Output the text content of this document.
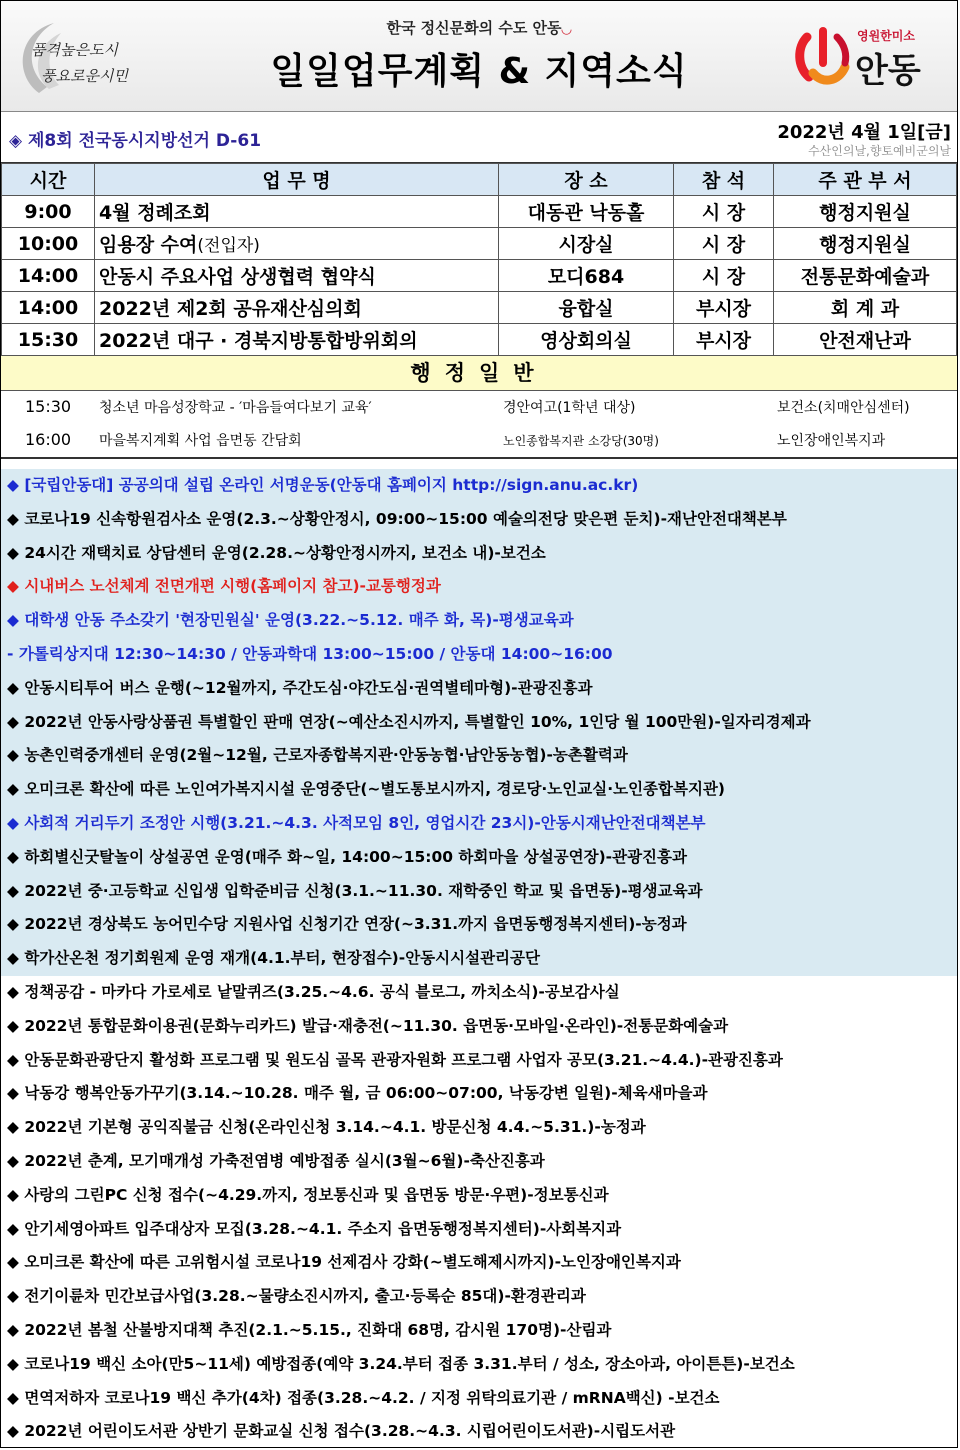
품격높은도시
풍요로운시민
한국 정신문화의 수도 안동◡
일일업무계획 & 지역소식
영원한미소
안동
◈ 제8회 전국동시지방선거 D-61	2022년 4월 1일[금]
수산인의날,향토예비군의날
시간	업 무 명	장 소	참 석	주 관 부 서
9:00	4월 정례조회	대동관 낙동홀	시 장	행정지원실
10:00	임용장 수여(전입자)	시장실	시 장	행정지원실
14:00	안동시 주요사업 상생협력 협약식	모디684	시 장	전통문화예술과
14:00	2022년 제2회 공유재산심의회	융합실	부시장	회 계 과
15:30	2022년 대구 · 경북지방통합방위회의	영상회의실	부시장	안전재난과
행정일반
15:30 청소년 마음성장학교 - ′마음들여다보기 교육′	경안여고(1학년 대상)	보건소(치매안심센터)
16:00 마을복지계획 사업 읍면동 간담회	노인종합복지관 소강당(30명)	노인장애인복지과
◆ [국립안동대] 공공의대 설립 온라인 서명운동(안동대 홈페이지 http://sign.anu.ac.kr)
◆ 코로나19 신속항원검사소 운영(2.3.~상황안정시, 09:00~15:00 예술의전당 맞은편 둔치)-재난안전대책본부
◆ 24시간 재택치료 상담센터 운영(2.28.~상황안정시까지, 보건소 내)-보건소
◆ 시내버스 노선체계 전면개편 시행(홈페이지 참고)-교통행정과
◆ 대학생 안동 주소갖기 '현장민원실' 운영(3.22.~5.12. 매주 화, 목)-평생교육과
- 가톨릭상지대 12:30~14:30 / 안동과학대 13:00~15:00 / 안동대 14:00~16:00
◆ 안동시티투어 버스 운행(~12월까지, 주간도심·야간도심·권역별테마형)-관광진흥과
◆ 2022년 안동사랑상품권 특별할인 판매 연장(~예산소진시까지, 특별할인 10%, 1인당 월 100만원)-일자리경제과
◆ 농촌인력중개센터 운영(2월~12월, 근로자종합복지관·안동농협·남안동농협)-농촌활력과
◆ 오미크론 확산에 따른 노인여가복지시설 운영중단(~별도통보시까지, 경로당·노인교실·노인종합복지관)
◆ 사회적 거리두기 조정안 시행(3.21.~4.3. 사적모임 8인, 영업시간 23시)-안동시재난안전대책본부
◆ 하회별신굿탈놀이 상설공연 운영(매주 화~일, 14:00~15:00 하회마을 상설공연장)-관광진흥과
◆ 2022년 중·고등학교 신입생 입학준비금 신청(3.1.~11.30. 재학중인 학교 및 읍면동)-평생교육과
◆ 2022년 경상북도 농어민수당 지원사업 신청기간 연장(~3.31.까지 읍면동행정복지센터)-농정과
◆ 학가산온천 정기회원제 운영 재개(4.1.부터, 현장접수)-안동시시설관리공단
◆ 정책공감 - 마카다 가로세로 낱말퀴즈(3.25.~4.6. 공식 블로그, 까치소식)-공보감사실
◆ 2022년 통합문화이용권(문화누리카드) 발급·재충전(~11.30. 읍면동·모바일·온라인)-전통문화예술과
◆ 안동문화관광단지 활성화 프로그램 및 원도심 골목 관광자원화 프로그램 사업자 공모(3.21.~4.4.)-관광진흥과
◆ 낙동강 행복안동가꾸기(3.14.~10.28. 매주 월, 금 06:00~07:00, 낙동강변 일원)-체육새마을과
◆ 2022년 기본형 공익직불금 신청(온라인신청 3.14.~4.1. 방문신청 4.4.~5.31.)-농정과
◆ 2022년 춘계, 모기매개성 가축전염병 예방접종 실시(3월~6월)-축산진흥과
◆ 사랑의 그린PC 신청 접수(~4.29.까지, 정보통신과 및 읍면동 방문·우편)-정보통신과
◆ 안기세영아파트 입주대상자 모집(3.28.~4.1. 주소지 읍면동행정복지센터)-사회복지과
◆ 오미크론 확산에 따른 고위험시설 코로나19 선제검사 강화(~별도해제시까지)-노인장애인복지과
◆ 전기이륜차 민간보급사업(3.28.~물량소진시까지, 출고·등록순 85대)-환경관리과
◆ 2022년 봄철 산불방지대책 추진(2.1.~5.15., 진화대 68명, 감시원 170명)-산림과
◆ 코로나19 백신 소아(만5~11세) 예방접종(예약 3.24.부터 접종 3.31.부터 / 성소, 장소아과, 아이튼튼)-보건소
◆ 면역저하자 코로나19 백신 추가(4차) 접종(3.28.~4.2. / 지정 위탁의료기관 / mRNA백신) -보건소
◆ 2022년 어린이도서관 상반기 문화교실 신청 접수(3.28.~4.3. 시립어린이도서관)-시립도서관
